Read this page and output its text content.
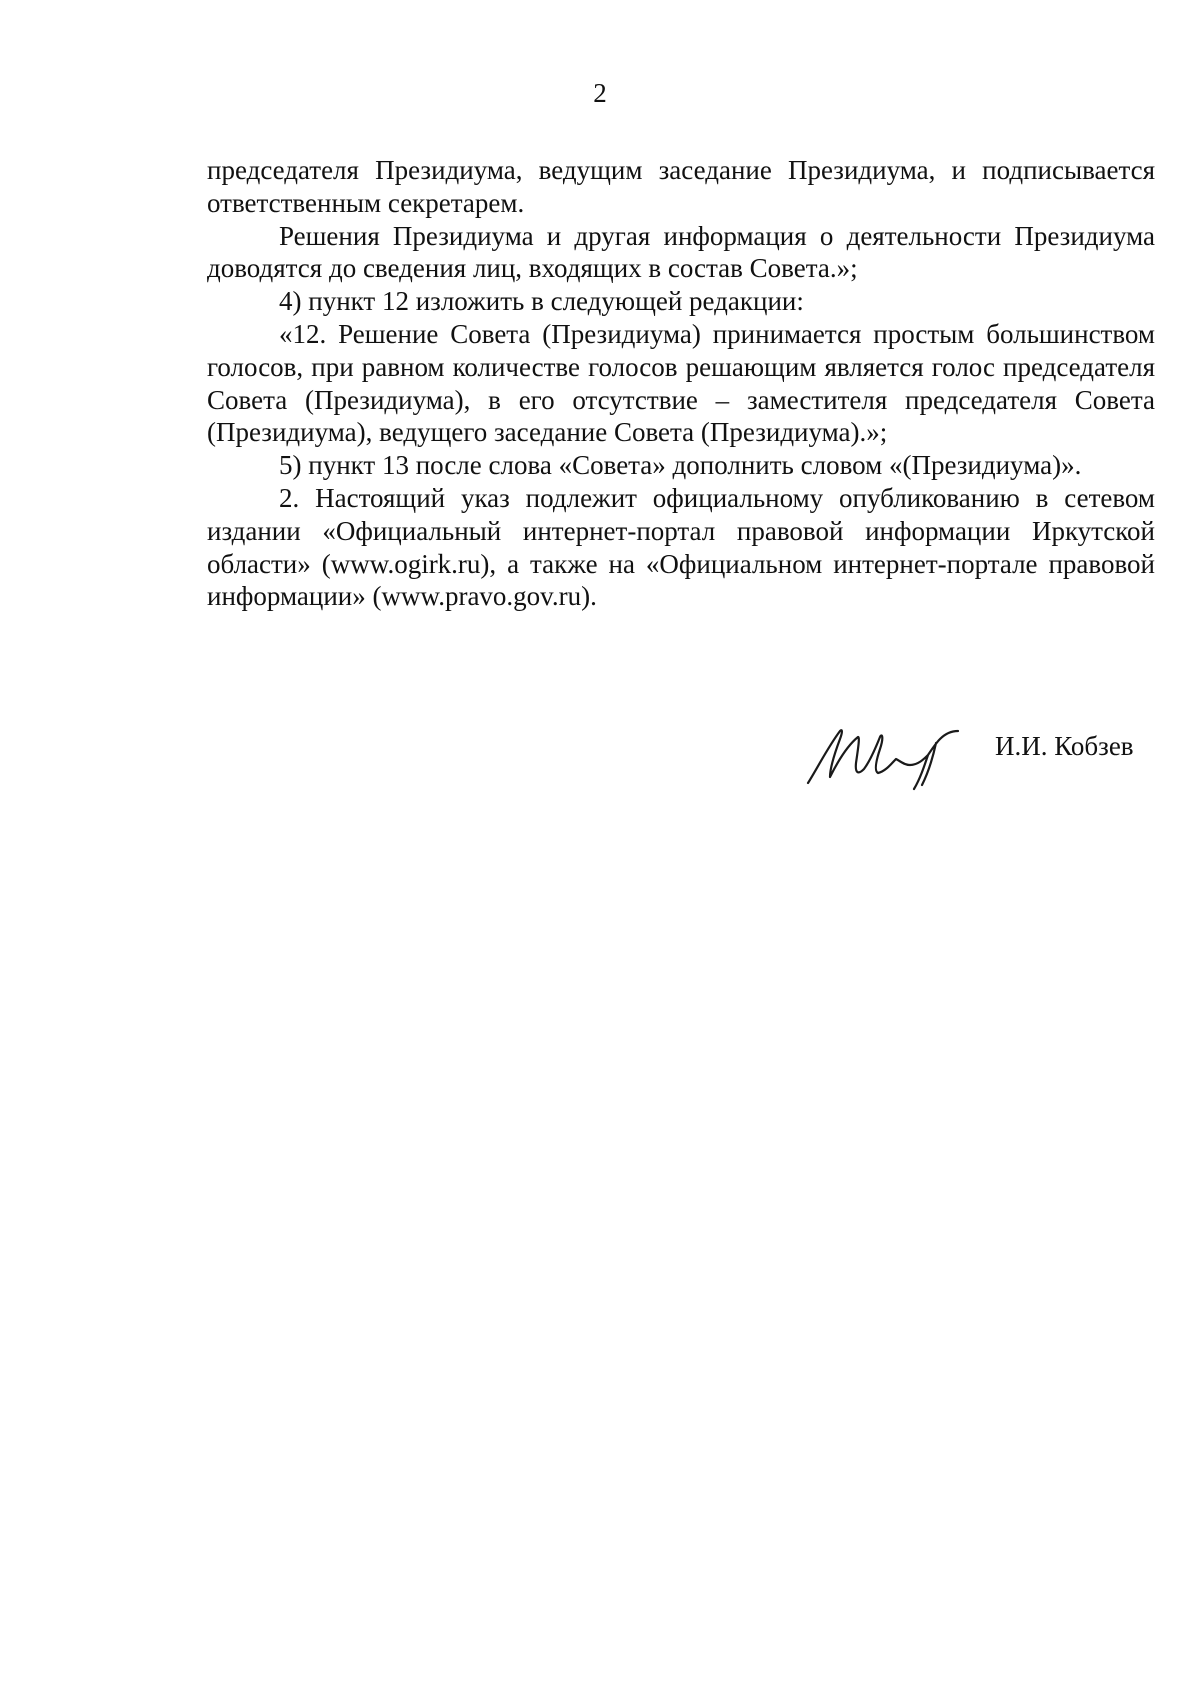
2

председателя Президиума, ведущим заседание Президиума, и подписывается ответственным секретарем.

Решения Президиума и другая информация о деятельности Президиума доводятся до сведения лиц, входящих в состав Совета.»;

4) пункт 12 изложить в следующей редакции:

«12. Решение Совета (Президиума) принимается простым большинством голосов, при равном количестве голосов решающим является голос председателя Совета (Президиума), в его отсутствие – заместителя председателя Совета (Президиума), ведущего заседание Совета (Президиума).»;

5) пункт 13 после слова «Совета» дополнить словом «(Президиума)».

2. Настоящий указ подлежит официальному опубликованию в сетевом издании «Официальный интернет-портал правовой информации Иркутской области» (www.ogirk.ru), а также на «Официальном интернет-портале правовой информации» (www.pravo.gov.ru).

И.И. Кобзев
